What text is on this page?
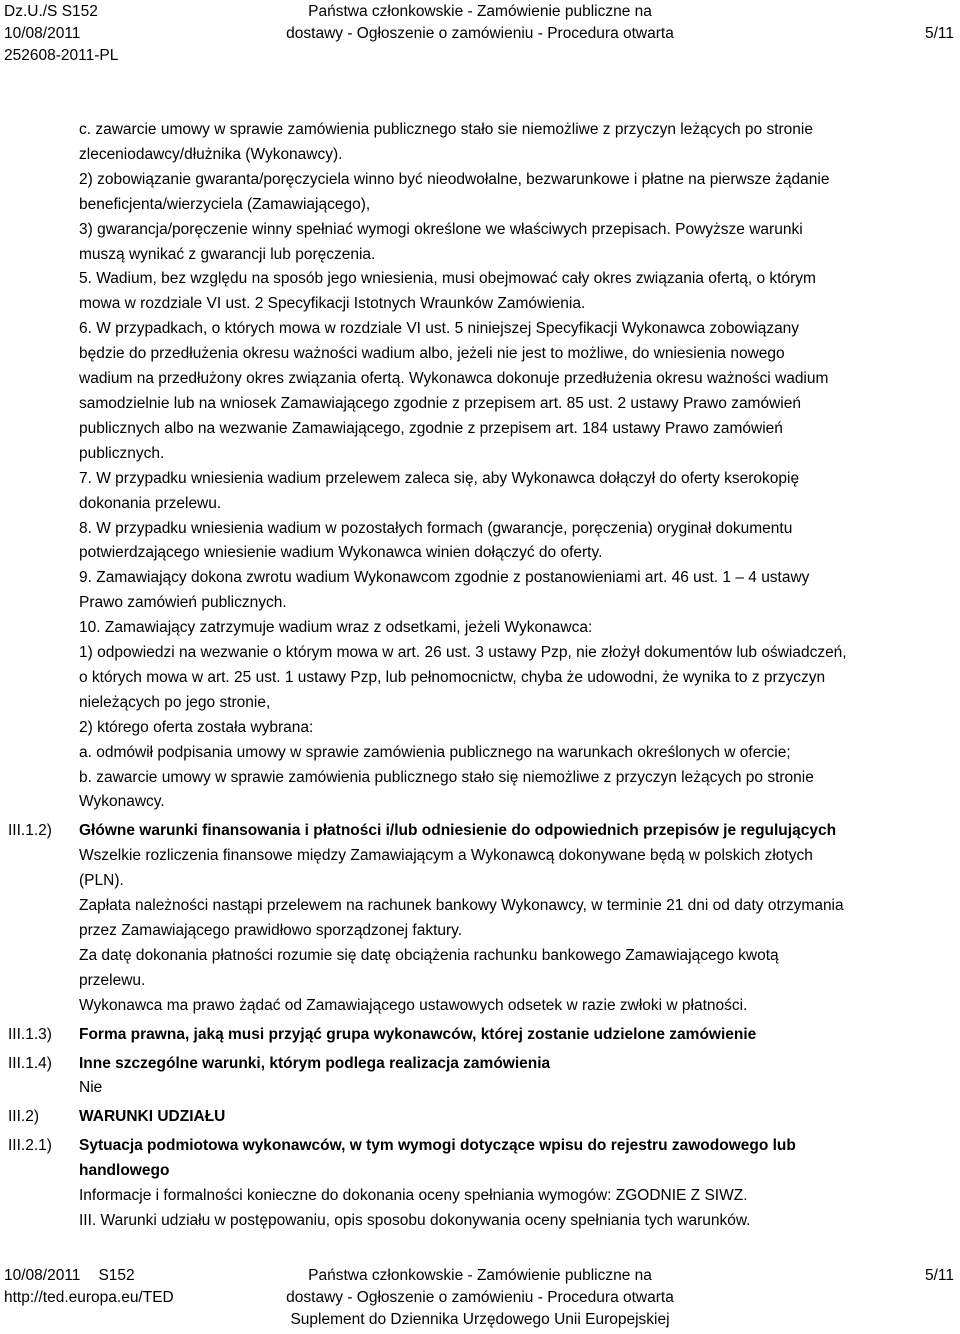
Dz.U./S S152
10/08/2011
252608-2011-PL
Państwa członkowskie - Zamówienie publiczne na
dostawy - Ogłoszenie o zamówieniu - Procedura otwarta	5/11
III.1.2)
III.1.3)
III.1.4)
III.2)
III.2.1)

c. zawarcie umowy w sprawie zamówienia publicznego stało sie niemożliwe z przyczyn leżących po stronie

zleceniodawcy/dłużnika (Wykonawcy).

2) zobowiązanie gwaranta/poręczyciela winno być nieodwołalne, bezwarunkowe i płatne na pierwsze żądanie

beneficjenta/wierzyciela (Zamawiającego),

3) gwarancja/poręczenie winny spełniać wymogi określone we właściwych przepisach. Powyższe warunki

muszą wynikać z gwarancji lub poręczenia.

5. Wadium, bez względu na sposób jego wniesienia, musi obejmować cały okres związania ofertą, o którym

mowa w rozdziale VI ust. 2 Specyfikacji Istotnych Wraunków Zamówienia.

6. W przypadkach, o których mowa w rozdziale VI ust. 5 niniejszej Specyfikacji Wykonawca zobowiązany

będzie do przedłużenia okresu ważności wadium albo, jeżeli nie jest to możliwe, do wniesienia nowego

wadium na przedłużony okres związania ofertą. Wykonawca dokonuje przedłużenia okresu ważności wadium

samodzielnie lub na wniosek Zamawiającego zgodnie z przepisem art. 85 ust. 2 ustawy Prawo zamówień

publicznych albo na wezwanie Zamawiającego, zgodnie z przepisem art. 184 ustawy Prawo zamówień

publicznych.

7. W przypadku wniesienia wadium przelewem zaleca się, aby Wykonawca dołączył do oferty kserokopię

dokonania przelewu.

8. W przypadku wniesienia wadium w pozostałych formach (gwarancje, poręczenia) oryginał dokumentu

potwierdzającego wniesienie wadium Wykonawca winien dołączyć do oferty.

9. Zamawiający dokona zwrotu wadium Wykonawcom zgodnie z postanowieniami art. 46 ust. 1 – 4 ustawy

Prawo zamówień publicznych.

10. Zamawiający zatrzymuje wadium wraz z odsetkami, jeżeli Wykonawca:

1) odpowiedzi na wezwanie o którym mowa w art. 26 ust. 3 ustawy Pzp, nie złożył dokumentów lub oświadczeń,

o których mowa w art. 25 ust. 1 ustawy Pzp, lub pełnomocnictw, chyba że udowodni, że wynika to z przyczyn

nieleżących po jego stronie,

2) którego oferta została wybrana:

a. odmówił podpisania umowy w sprawie zamówienia publicznego na warunkach określonych w ofercie;

b. zawarcie umowy w sprawie zamówienia publicznego stało się niemożliwe z przyczyn leżących po stronie

Wykonawcy.

Główne warunki finansowania i płatności i/lub odniesienie do odpowiednich przepisów je regulujących

Wszelkie rozliczenia finansowe między Zamawiającym a Wykonawcą dokonywane będą w polskich złotych

(PLN).

Zapłata należności nastąpi przelewem na rachunek bankowy Wykonawcy, w terminie 21 dni od daty otrzymania

przez Zamawiającego prawidłowo sporządzonej faktury.

Za datę dokonania płatności rozumie się datę obciążenia rachunku bankowego Zamawiającego kwotą

przelewu.

Wykonawca ma prawo żądać od Zamawiającego ustawowych odsetek w razie zwłoki w płatności.

Forma prawna, jaką musi przyjąć grupa wykonawców, której zostanie udzielone zamówienie

Inne szczególne warunki, którym podlega realizacja zamówienia

Nie

WARUNKI UDZIAŁU

Sytuacja podmiotowa wykonawców, w tym wymogi dotyczące wpisu do rejestru zawodowego lub

handlowego

Informacje i formalności konieczne do dokonania oceny spełniania wymogów: ZGODNIE Z SIWZ.

III. Warunki udziału w postępowaniu, opis sposobu dokonywania oceny spełniania tych warunków.

10/08/2011 S152
http://ted.europa.eu/TED
Państwa członkowskie - Zamówienie publiczne na
dostawy - Ogłoszenie o zamówieniu - Procedura otwarta
Suplement do Dziennika Urzędowego Unii Europejskiej
5/11
